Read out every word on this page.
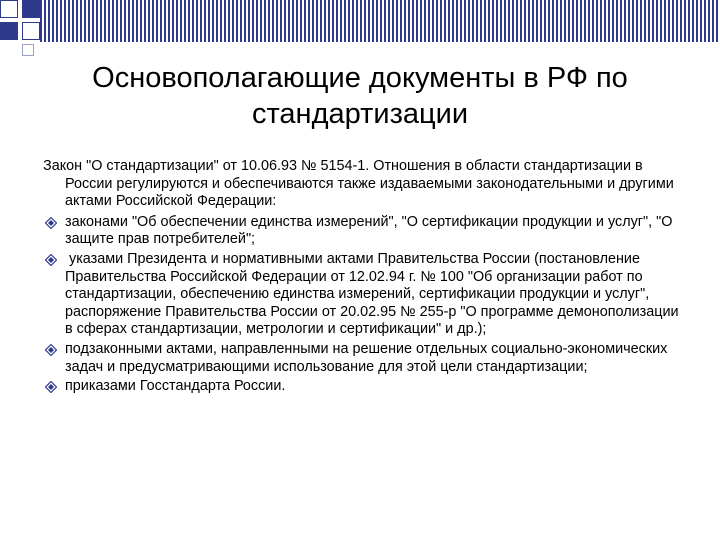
Основополагающие документы в РФ по стандартизации

Закон "О стандартизации" от 10.06.93 № 5154-1. Отношения в области стандартизации в России регулируются и обеспечиваются также издаваемыми законодательными и другими актами Российской Федерации:

законами "Об обеспечении единства измерений", "О сертификации продукции и услуг", "О защите прав потребителей";
указами Президента и нормативными актами Правительства России (постановление Правительства Российской Федерации от 12.02.94 г. № 100 "Об организации работ по стандартизации, обеспечению единства измерений, сертификации продукции и услуг", распоряжение Правительства России от 20.02.95 № 255-р "О программе демонополизации в сферах стандартизации, метрологии и сертификации" и др.);
подзаконными актами, направленными на решение отдельных социально-экономических задач и предусматривающими использование для этой цели стандартизации;
приказами Госстандарта России.
